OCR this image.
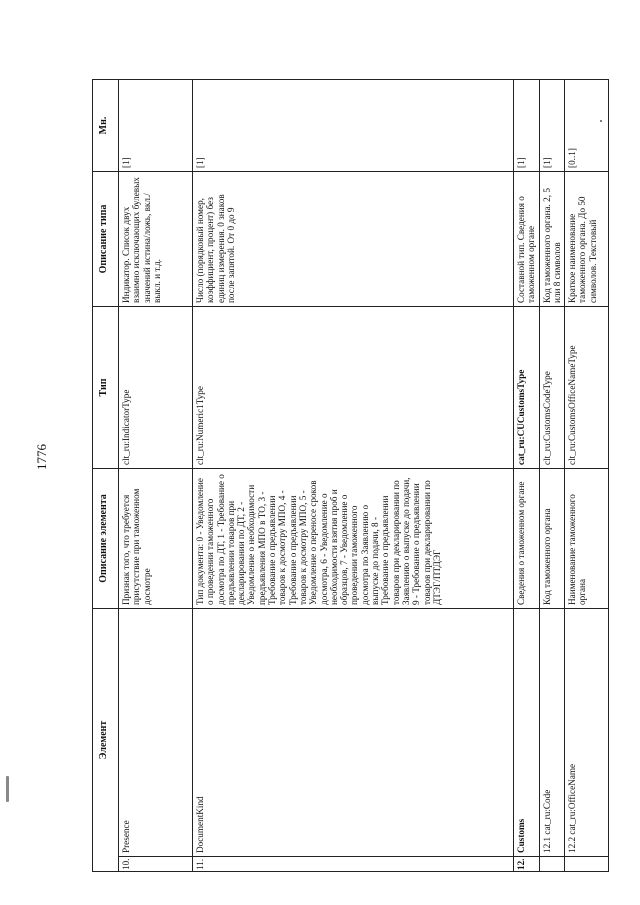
1776
Элемент		Описание элемента	Тип	Описание типа	Мн.
10.	Presence	Признак того, что требуется присутствие при таможенном досмотре	clt_ru:IndicatorType	Индикатор. Список двух взаимно исключающих булевых значений истина/ложь, вкл./выкл. и т.д.	[1]
11.	DocumentKind	Тип документа: 0 - Уведомление о проведении таможенного досмотра по ДТ, 1 - Требование о предъявлении товаров при декларировании по ДТ, 2 - Уведомление о необходимости предъявления МПО в ТО, 3 - Требование о предъявлении товаров к досмотру МПО, 4 - Требование о предъявлении товаров к досмотру МПО, 5 - Уведомление о переносе сроков досмотра, 6 - Уведомление о необходимости взятия проб и образцов, 7 - Уведомление о проведении таможенного досмотра по Заявлению о выпуске до подачи, 8 - Требование о предъявлении товаров при декларировании по Заявлению о выпуске до подачи, 9 - Требование о предъявлении товаров при декларировании по ДТЭГ/ПТДЭГ	clt_ru:Numeric1Type	Число (порядковый номер, коэффициент, процент) без единиц измерения. 0 знаков после запятой. От 0 до 9	[1]
12.	Customs	Сведения о таможенном органе	cat_ru:CUCustomsType	Составной тип. Сведения о таможенном органе	[1]
	12.1 cat_ru:Code	Код таможенного органа	clt_ru:CustomsCodeType	Код таможенного органа. 2, 5 или 8 символов	[1]
	12.2 cat_ru:OfficeName	Наименование таможенного органа	clt_ru:CustomsOfficeNameType	Краткое наименование таможенного органа. До 50 символов. Текстовый	[0..1]
